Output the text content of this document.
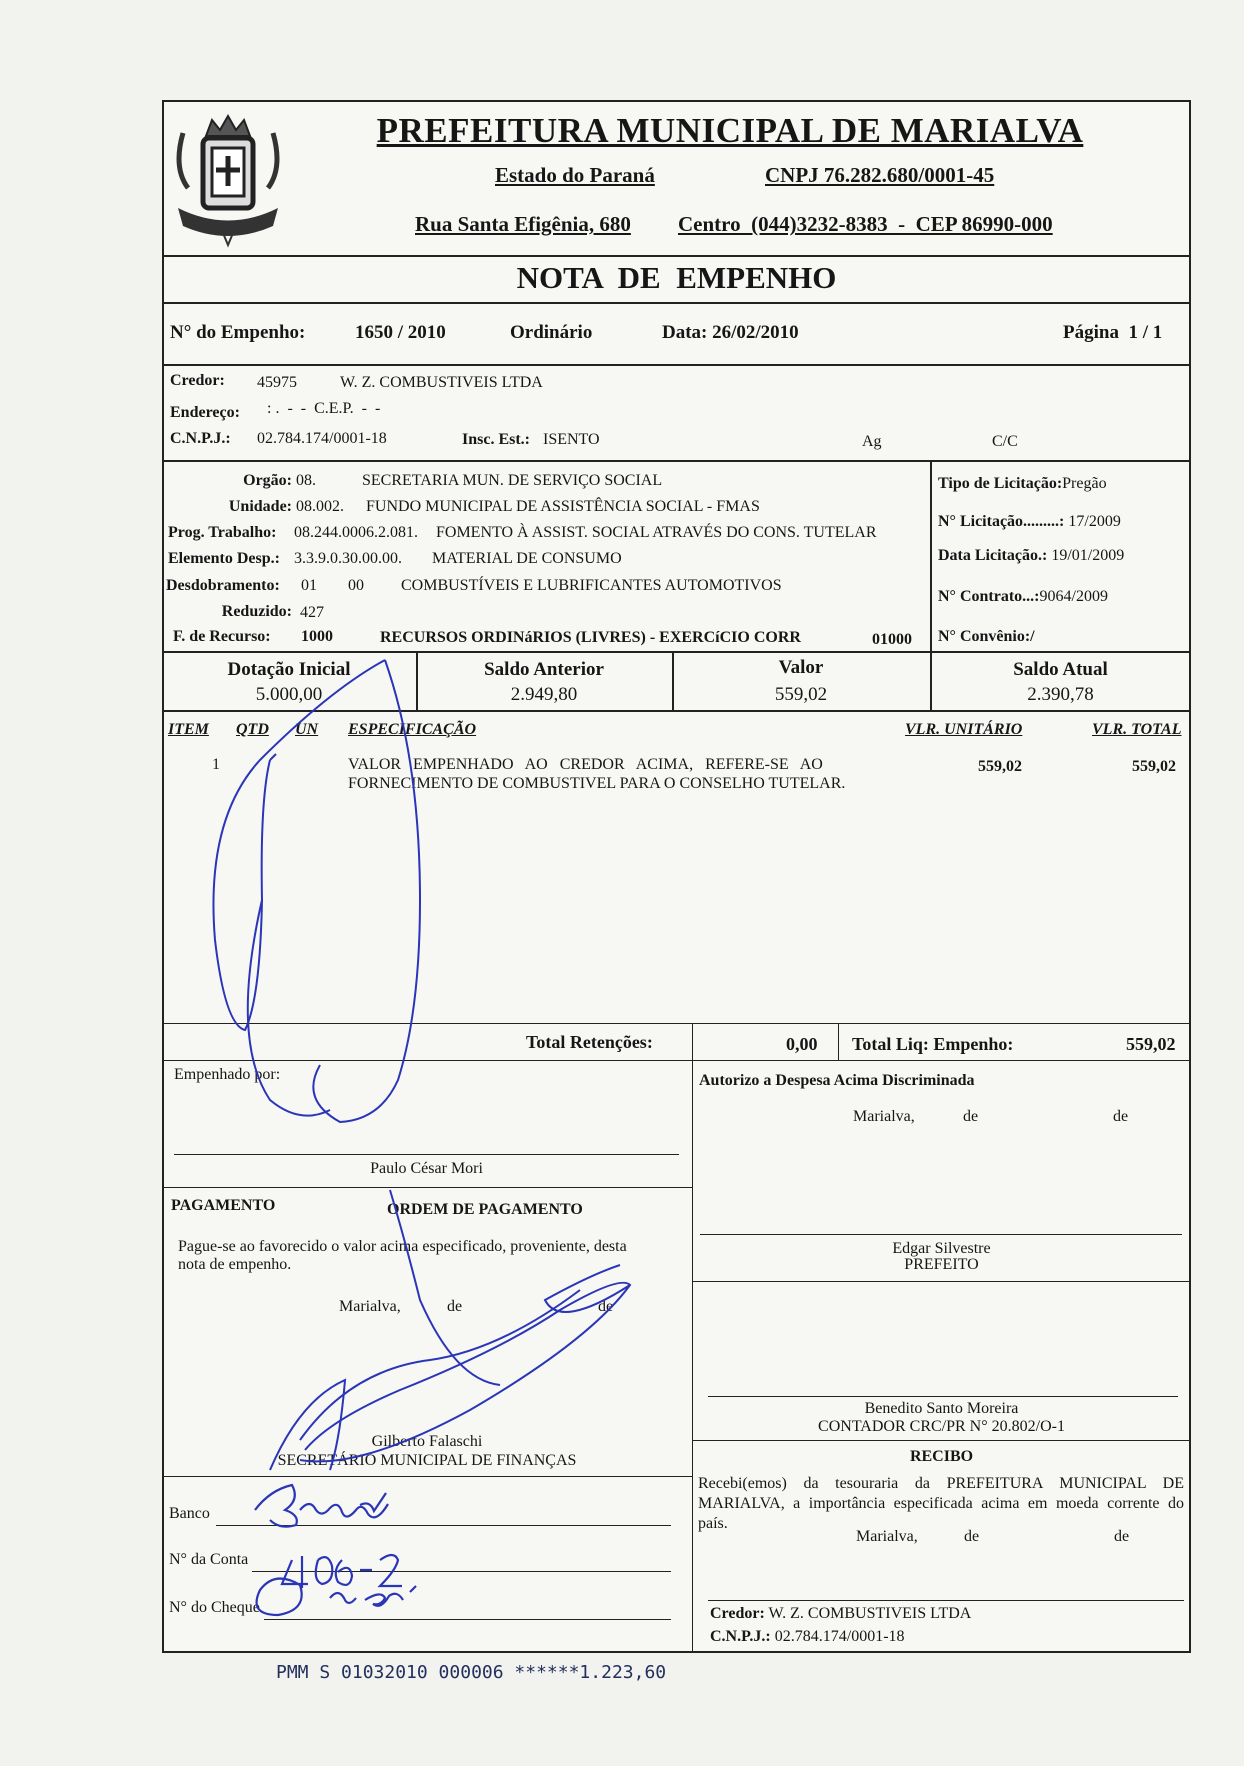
PREFEITURA MUNICIPAL DE MARIALVA
Estado do Paraná	CNPJ 76.282.680/0001-45
Rua Santa Efigênia, 680 Centro  (044)3232-8383  -  CEP 86990-000
NOTA  DE  EMPENHO
N° do Empenho:	1650 / 2010	Ordinário	Data: 26/02/2010	Página  1 / 1
Credor: 45975	W. Z. COMBUSTIVEIS LTDA
Endereço: : .  -  -  C.E.P.  -  -
C.N.P.J.: 02.784.174/0001-18	Insc. Est.: ISENTO	Ag	C/C
Orgão: 08.	SECRETARIA MUN. DE SERVIÇO SOCIAL
Unidade: 08.002. FUNDO MUNICIPAL DE ASSISTÊNCIA SOCIAL - FMAS
Prog. Trabalho: 08.244.0006.2.081. FOMENTO À ASSIST. SOCIAL ATRAVÉS DO CONS. TUTELAR
Elemento Desp.: 3.3.9.0.30.00.00. MATERIAL DE CONSUMO
Desdobramento: 01 00 COMBUSTÍVEIS E LUBRIFICANTES AUTOMOTIVOS
Reduzido: 427
F. de Recurso: 1000	RECURSOS ORDINáRIOS (LIVRES) - EXERCíCIO CORR	01000
Tipo de Licitação:Pregão
N° Licitação.........: 17/2009
Data Licitação.: 19/01/2009
N° Contrato...:9064/2009
N° Convênio:/
Dotação Inicial
5.000,00
Saldo Anterior
2.949,80
Valor
559,02
Saldo Atual
2.390,78
ITEM QTD UN ESPECIFICAÇÃO	VLR. UNITÁRIO	VLR. TOTAL
1	VALOR   EMPENHADO   AO   CREDOR   ACIMA,   REFERE-SE   AO
FORNECIMENTO DE COMBUSTIVEL PARA O CONSELHO TUTELAR.
559,02	559,02
Total Retenções:	0,00 Total Liq: Empenho:	559,02
Empenhado por:
Paulo César Mori
Autorizo a Despesa Acima Discriminada
Marialva,	de	de
Edgar Silvestre
PREFEITO
PAGAMENTO	ORDEM DE PAGAMENTO
Pague-se ao favorecido o valor acima especificado, proveniente, desta
nota de empenho.
Marialva,	de	de
Gilberto Falaschi
SECRETÁRIO MUNICIPAL DE FINANÇAS
Banco
N° da Conta
N° do Cheque
Benedito Santo Moreira
CONTADOR CRC/PR N° 20.802/O-1
RECIBO
Recebi(emos) da tesouraria da PREFEITURA MUNICIPAL DE
MARIALVA, a importância especificada acima em moeda corrente do
país.
Marialva,	de	de
Credor: W. Z. COMBUSTIVEIS LTDA
C.N.P.J.: 02.784.174/0001-18
PMM S 01032010 000006 ******1.223,60
